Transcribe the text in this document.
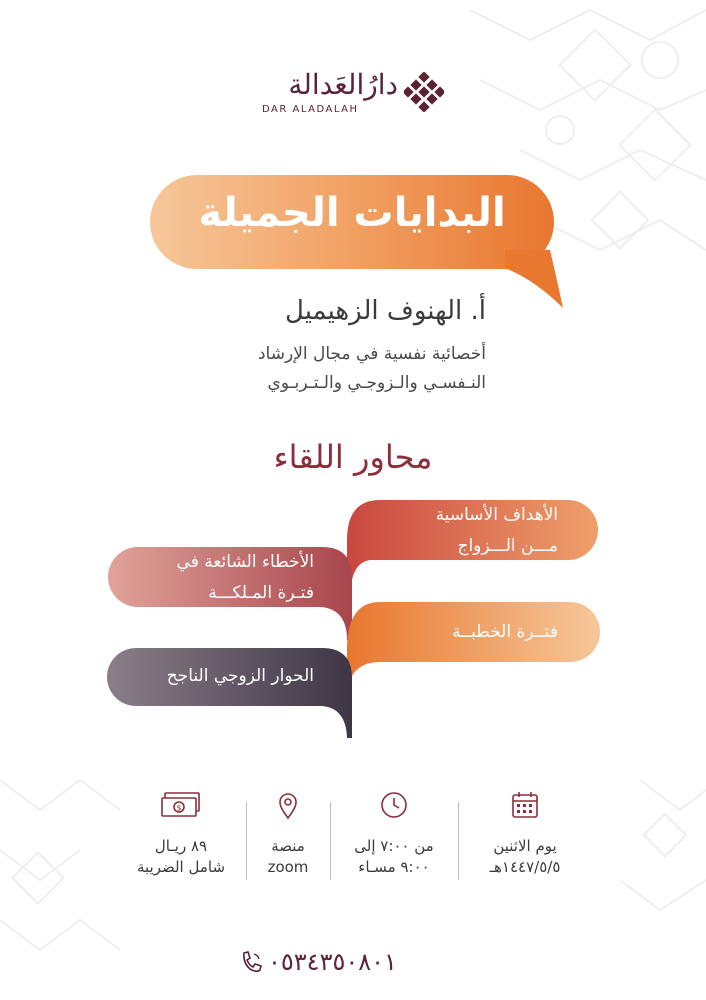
دارُالعَدالة
DAR ALADALAH
البدايات الجميلة
أ. الهنوف الزهيميل
أخصائية نفسية في مجال الإرشاد
النـفسـي والـزوجـي والـتـربـوي
محاور اللقاء
الأهداف الأساسية
مـــن الـــزواج
الأخطاء الشائعة في
فتـرة المـلكـــة
فتــرة الخطبــة
الحوار الزوجي الناجح
يوم الاثنين
١٤٤٧/٥/٥هـ
من ٧:٠٠ إلى
٩:٠٠ مسـاء
منصة
zoom
$
٨٩ ريـال
شامل الضريبة
٠٥٣٤٣٥٠٨٠١
